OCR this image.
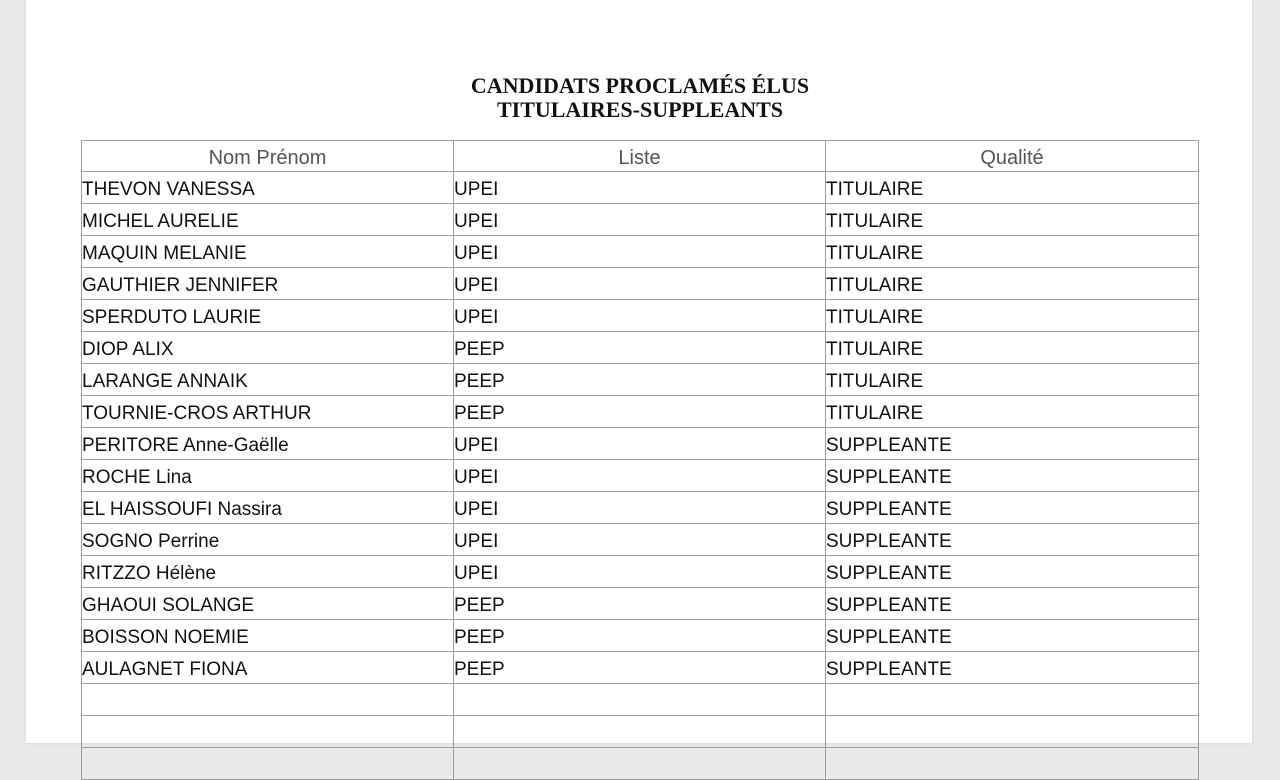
CANDIDATS PROCLAMÉS ÉLUS
TITULAIRES-SUPPLEANTS
Nom Prénom	Liste	Qualité
THEVON VANESSA	UPEI	TITULAIRE
MICHEL AURELIE	UPEI	TITULAIRE
MAQUIN MELANIE	UPEI	TITULAIRE
GAUTHIER JENNIFER	UPEI	TITULAIRE
SPERDUTO LAURIE	UPEI	TITULAIRE
DIOP ALIX	PEEP	TITULAIRE
LARANGE ANNAIK	PEEP	TITULAIRE
TOURNIE-CROS ARTHUR	PEEP	TITULAIRE
PERITORE Anne-Gaëlle	UPEI	SUPPLEANTE
ROCHE Lina	UPEI	SUPPLEANTE
EL HAISSOUFI Nassira	UPEI	SUPPLEANTE
SOGNO Perrine	UPEI	SUPPLEANTE
RITZZO Hélène	UPEI	SUPPLEANTE
GHAOUI SOLANGE	PEEP	SUPPLEANTE
BOISSON NOEMIE	PEEP	SUPPLEANTE
AULAGNET FIONA	PEEP	SUPPLEANTE
